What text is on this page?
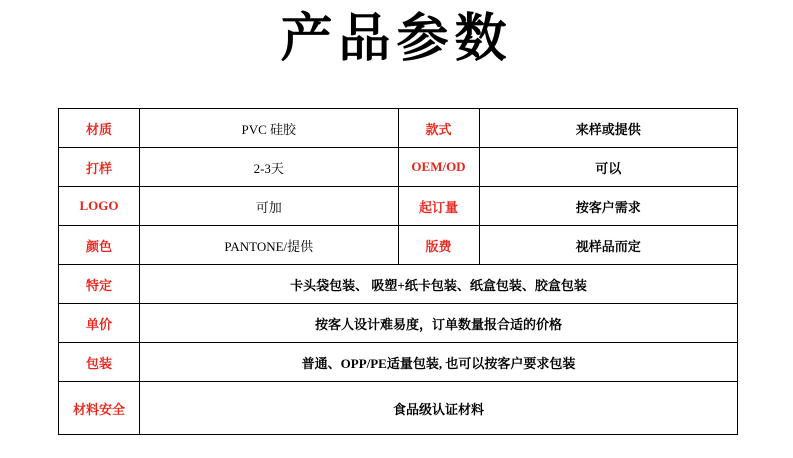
产品参数
材质	PVC 硅胶	款式	来样或提供
打样	2-3天	OEM/OD	可以
LOGO	可加	起订量	按客户需求
颜色	PANTONE/提供	版费	视样品而定
特定	卡头袋包装、 吸塑+纸卡包装、纸盒包装、胶盒包装		
单价	按客人设计难易度，订单数量报合适的价格		
包装	普通、OPP/PE适量包装, 也可以按客户要求包装		
材料安全	食品级认证材料		
